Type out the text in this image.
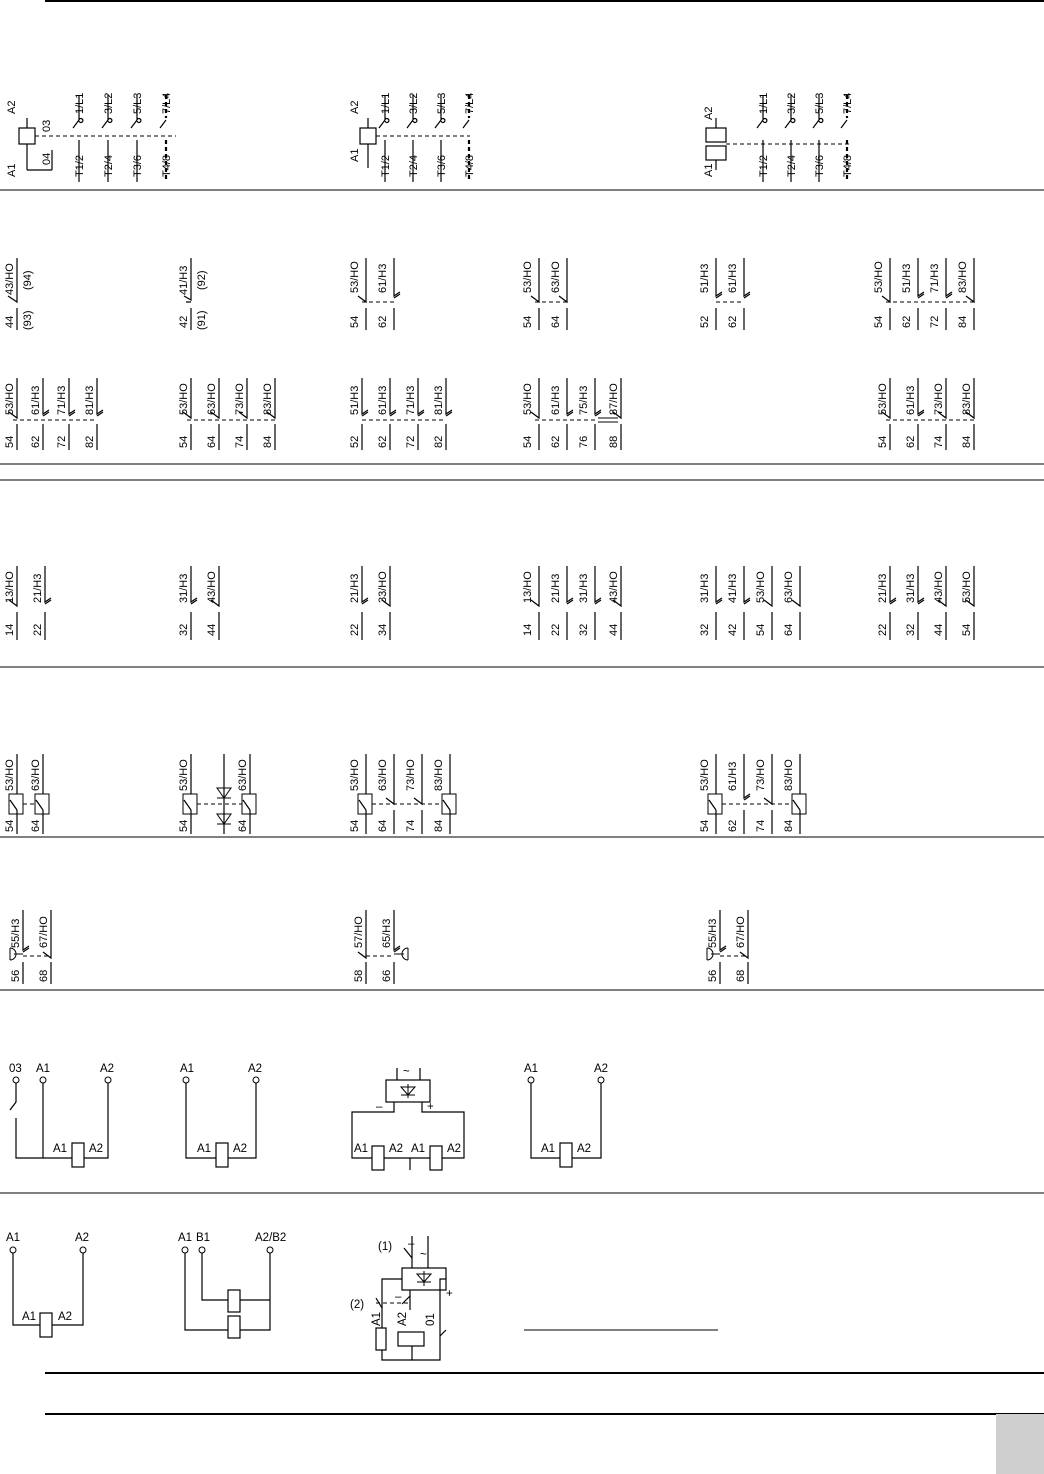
A2
A1
03
04
1/L1
T1/2
3/L2
T2/4
5/L3
T3/6
7/L4
T4/8
A2
A1
1/L1
T1/2
3/L2
T2/4
5/L3
T3/6
7/L4
T4/8
A2
A1
1/L1
T1/2
3/L2
T2/4
5/L3
T3/6
7/L4
T4/8
43/HO
44
(94)
(93)
41/H3
42
(92)
(91)
53/HO
54
61/H3
62
53/HO
54
63/HO
64
51/H3
52
61/H3
62
53/HO
54
51/H3
62
71/H3
72
83/HO
84
53/HO
54
61/H3
62
71/H3
72
81/H3
82
53/HO
54
63/HO
64
73/HO
74
83/HO
84
51/H3
52
61/H3
62
71/H3
72
81/H3
82
53/HO
54
61/H3
62
75/H3
76
87/HO
88
53/HO
54
61/H3
62
73/HO
74
83/HO
84
13/HO
14
21/H3
22
31/H3
32
43/HO
44
21/H3
22
33/HO
34
13/HO
14
21/H3
22
31/H3
32
43/HO
44
31/H3
32
41/H3
42
53/HO
54
63/HO
64
21/H3
22
31/H3
32
43/HO
44
53/HO
54
53/HO
54
63/HO
64
53/HO
54
63/HO
64
53/HO
54
63/HO
64
73/HO
74
83/HO
84
53/HO
54
61/H3
62
73/HO
74
83/HO
84
55/H3
56
67/HO
68
57/HO
58
65/H3
66
55/H3
56
67/HO
68
03 A1	A2
A1 A2
A1	A2
A1 A2
~
–	+
A1 A2 A1 A2
A1	A2
A1 A2
A1	A2
A1 A2
A1 B1	A2/B2
(1)
(2)
–
~
–	+
A1 A2 01
